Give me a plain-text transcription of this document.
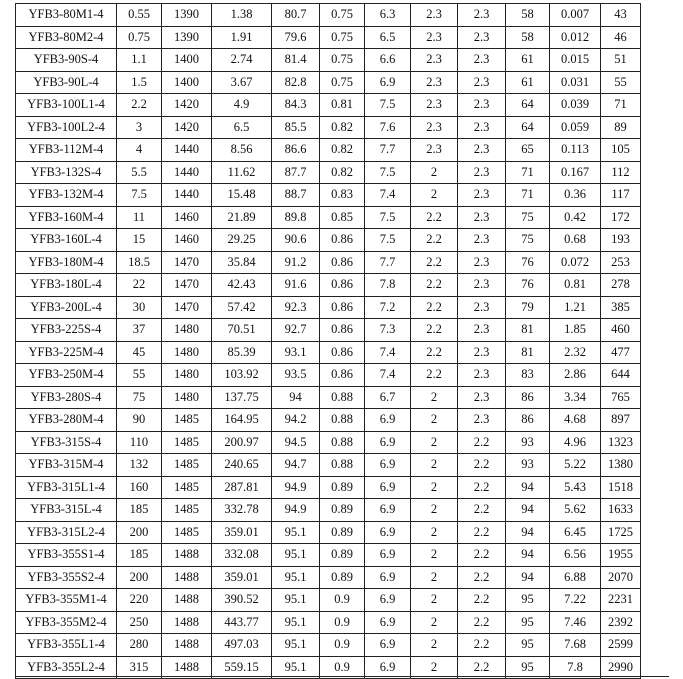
YFB3-80M1-4	0.55	1390	1.38	80.7	0.75	6.3	2.3	2.3	58	0.007	43
YFB3-80M2-4	0.75	1390	1.91	79.6	0.75	6.5	2.3	2.3	58	0.012	46
YFB3-90S-4	1.1	1400	2.74	81.4	0.75	6.6	2.3	2.3	61	0.015	51
YFB3-90L-4	1.5	1400	3.67	82.8	0.75	6.9	2.3	2.3	61	0.031	55
YFB3-100L1-4	2.2	1420	4.9	84.3	0.81	7.5	2.3	2.3	64	0.039	71
YFB3-100L2-4	3	1420	6.5	85.5	0.82	7.6	2.3	2.3	64	0.059	89
YFB3-112M-4	4	1440	8.56	86.6	0.82	7.7	2.3	2.3	65	0.113	105
YFB3-132S-4	5.5	1440	11.62	87.7	0.82	7.5	2	2.3	71	0.167	112
YFB3-132M-4	7.5	1440	15.48	88.7	0.83	7.4	2	2.3	71	0.36	117
YFB3-160M-4	11	1460	21.89	89.8	0.85	7.5	2.2	2.3	75	0.42	172
YFB3-160L-4	15	1460	29.25	90.6	0.86	7.5	2.2	2.3	75	0.68	193
YFB3-180M-4	18.5	1470	35.84	91.2	0.86	7.7	2.2	2.3	76	0.072	253
YFB3-180L-4	22	1470	42.43	91.6	0.86	7.8	2.2	2.3	76	0.81	278
YFB3-200L-4	30	1470	57.42	92.3	0.86	7.2	2.2	2.3	79	1.21	385
YFB3-225S-4	37	1480	70.51	92.7	0.86	7.3	2.2	2.3	81	1.85	460
YFB3-225M-4	45	1480	85.39	93.1	0.86	7.4	2.2	2.3	81	2.32	477
YFB3-250M-4	55	1480	103.92	93.5	0.86	7.4	2.2	2.3	83	2.86	644
YFB3-280S-4	75	1480	137.75	94	0.88	6.7	2	2.3	86	3.34	765
YFB3-280M-4	90	1485	164.95	94.2	0.88	6.9	2	2.3	86	4.68	897
YFB3-315S-4	110	1485	200.97	94.5	0.88	6.9	2	2.2	93	4.96	1323
YFB3-315M-4	132	1485	240.65	94.7	0.88	6.9	2	2.2	93	5.22	1380
YFB3-315L1-4	160	1485	287.81	94.9	0.89	6.9	2	2.2	94	5.43	1518
YFB3-315L-4	185	1485	332.78	94.9	0.89	6.9	2	2.2	94	5.62	1633
YFB3-315L2-4	200	1485	359.01	95.1	0.89	6.9	2	2.2	94	6.45	1725
YFB3-355S1-4	185	1488	332.08	95.1	0.89	6.9	2	2.2	94	6.56	1955
YFB3-355S2-4	200	1488	359.01	95.1	0.89	6.9	2	2.2	94	6.88	2070
YFB3-355M1-4	220	1488	390.52	95.1	0.9	6.9	2	2.2	95	7.22	2231
YFB3-355M2-4	250	1488	443.77	95.1	0.9	6.9	2	2.2	95	7.46	2392
YFB3-355L1-4	280	1488	497.03	95.1	0.9	6.9	2	2.2	95	7.68	2599
YFB3-355L2-4	315	1488	559.15	95.1	0.9	6.9	2	2.2	95	7.8	2990
